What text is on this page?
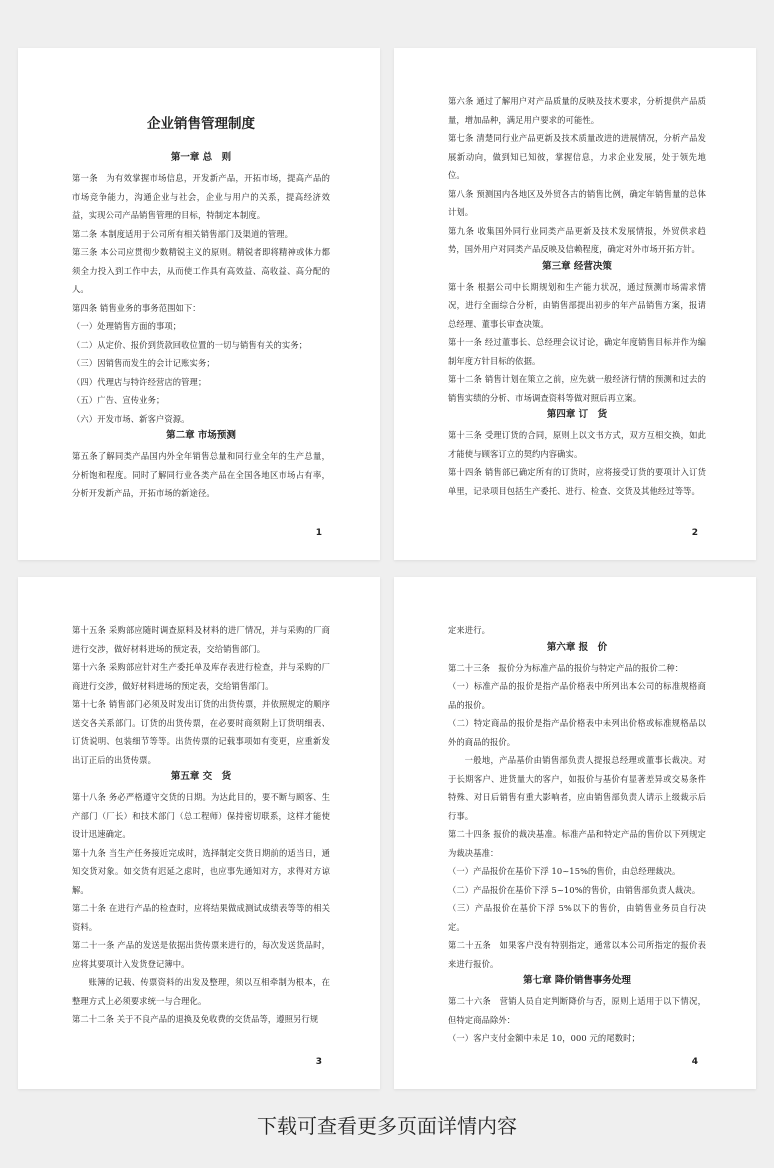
企业销售管理制度
第一章 总　则
第一条　为有效掌握市场信息，开发新产品，开拓市场，提高产品的市场竞争能力，沟通企业与社会，企业与用户的关系，提高经济效益，实现公司产品销售管理的目标，特制定本制度。
第二条 本制度适用于公司所有相关销售部门及渠道的管理。
第三条 本公司应贯彻少数精锐主义的原则。精锐者即将精神或体力都须全力投入到工作中去，从而使工作具有高效益、高收益、高分配的人。
第四条 销售业务的事务范围如下：
（一）处理销售方面的事项；
（二）从定价、报价到货款回收位置的一切与销售有关的实务；
（三）因销售而发生的会计记账实务；
（四）代理店与特许经营店的管理；
（五）广告、宣传业务；
（六）开发市场、新客户资源。
第二章 市场预测
第五条了解同类产品国内外全年销售总量和同行业全年的生产总量，分析饱和程度。同时了解同行业各类产品在全国各地区市场占有率，分析开发新产品，开拓市场的新途径。
1
第六条 通过了解用户对产品质量的反映及技术要求，分析提供产品质量，增加品种，满足用户要求的可能性。
第七条 清楚同行业产品更新及技术质量改进的进展情况，分析产品发展新动向，做到知已知彼，掌握信息，力求企业发展，处于领先地位。
第八条 预测国内各地区及外贸各古的销售比例，确定年销售量的总体计划。
第九条 收集国外同行业同类产品更新及技术发展情报，外贸供求趋势，国外用户对同类产品反映及信赖程度，确定对外市场开拓方针。
第三章 经营决策
第十条 根据公司中长期规划和生产能力状况，通过预测市场需求情况，进行全面综合分析，由销售部提出初步的年产品销售方案，报请总经理、董事长审查决策。
第十一条 经过董事长、总经理会议讨论，确定年度销售目标并作为编制年度方针目标的依据。
第十二条 销售计划在策立之前，应先就一般经济行情的预测和过去的销售实绩的分析、市场调查资料等做对照后再立案。
第四章 订　货
第十三条 受理订货的合同，原则上以文书方式，双方互相交换，如此才能使与顾客订立的契约内容确实。
第十四条 销售部已确定所有的订货时，应将接受订货的要项计入订货单里，记录项目包括生产委托、进行、检查、交货及其他经过等等。
2
第十五条 采购部应随时调查原料及材料的进厂情况，并与采购的厂商进行交涉，做好材料进场的预定表，交给销售部门。
第十六条 采购部应针对生产委托单及库存表进行检查，并与采购的厂商进行交涉，做好材料进场的预定表，交给销售部门。
第十七条 销售部门必须及时发出订货的出货传票，并依照规定的顺序送交各关系部门。订货的出货传票，在必要时商须附上订货明细表、订货说明、包装细节等等。出货传票的记载事项如有变更，应重新发出订正后的出货传票。
第五章 交　货
第十八条 务必严格遵守交货的日期。为达此目的，要不断与顾客、生产部门（厂长）和技术部门（总工程师）保持密切联系，这样才能使设计迅速确定。
第十九条 当生产任务接近完成时，选择制定交货日期前的适当日，通知交货对象。如交货有迟延之虑时，也应事先通知对方，求得对方谅解。
第二十条 在进行产品的检查时，应将结果做成测试成绩表等等的相关资料。
第二十一条 产品的发送是依据出货传票来进行的，每次发送货品时，应将其要项计入发货登记簿中。
账簿的记载、传票资料的出发及整理，须以互相牵制为根本，在整理方式上必须要求统一与合理化。
第二十二条 关于不良产品的退换及免收费的交货品等，遵照另行规
3
定来进行。
第六章 报　价
第二十三条　报价分为标准产品的报价与特定产品的报价二种：
（一）标准产品的报价是指产品价格表中所列出本公司的标准规格商品的报价。
（二）特定商品的报价是指产品价格表中未列出价格或标准规格品以外的商品的报价。
一般地，产品基价由销售部负责人提报总经理或董事长裁决。对于长期客户、进货量大的客户，如报价与基价有显著差异或交易条件特殊、对日后销售有重大影响者，应由销售部负责人请示上级裁示后行事。
第二十四条 报价的裁决基准。标准产品和特定产品的售价以下列规定为裁决基准：
（一）产品报价在基价下浮 10~15%的售价，由总经理裁决。
（二）产品报价在基价下浮 5~10%的售价，由销售部负责人裁决。
（三）产品报价在基价下浮 5%以下的售价，由销售业务员自行决定。
第二十五条　如果客户没有特别指定，通常以本公司所指定的报价表来进行报价。
第七章 降价销售事务处理
第二十六条　营销人员自定判断降价与否，原则上适用于以下情况，但特定商品除外：
（一）客户支付金额中未足 10，000 元的尾数时；
4
下载可查看更多页面详情内容
